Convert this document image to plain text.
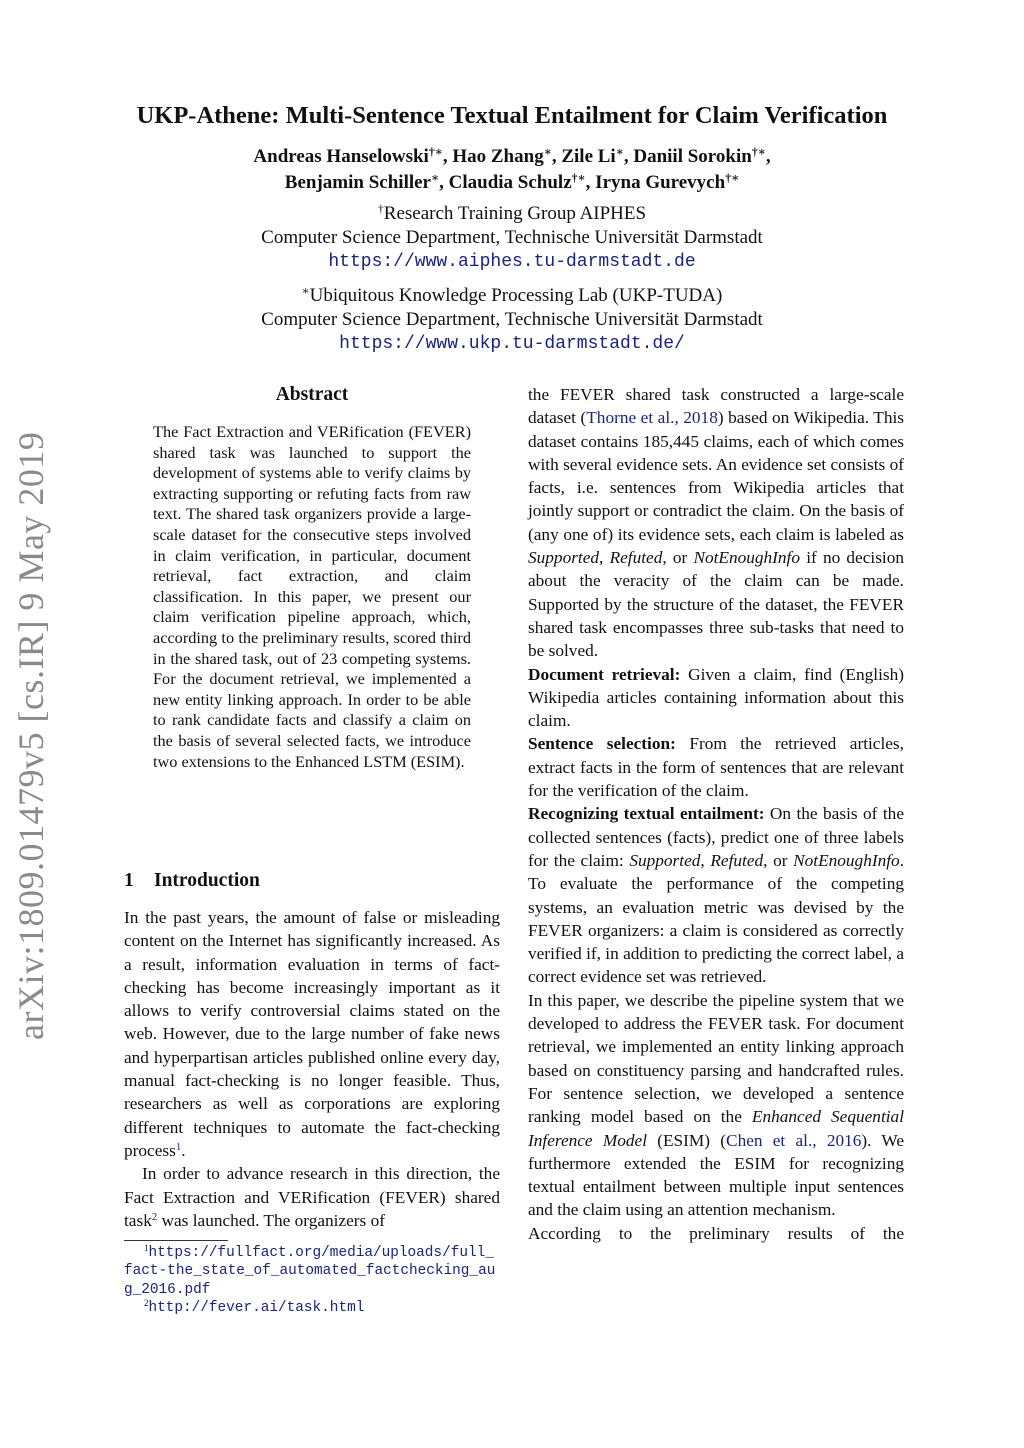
arXiv:1809.01479v5 [cs.IR] 9 May 2019
UKP-Athene: Multi-Sentence Textual Entailment for Claim Verification
Andreas Hanselowski†∗, Hao Zhang∗, Zile Li∗, Daniil Sorokin†∗,
Benjamin Schiller∗, Claudia Schulz†∗, Iryna Gurevych†∗
†Research Training Group AIPHES
Computer Science Department, Technische Universität Darmstadt
https://www.aiphes.tu-darmstadt.de
∗Ubiquitous Knowledge Processing Lab (UKP-TUDA)
Computer Science Department, Technische Universität Darmstadt
https://www.ukp.tu-darmstadt.de/
Abstract
The Fact Extraction and VERification (FEVER) shared task was launched to support the development of systems able to verify claims by extracting supporting or refuting facts from raw text. The shared task organizers provide a large-scale dataset for the consecutive steps involved in claim verification, in particular, document retrieval, fact extraction, and claim classification. In this paper, we present our claim verification pipeline approach, which, according to the preliminary results, scored third in the shared task, out of 23 competing systems. For the document retrieval, we implemented a new entity linking approach. In order to be able to rank candidate facts and classify a claim on the basis of several selected facts, we introduce two extensions to the Enhanced LSTM (ESIM).
1 Introduction

In the past years, the amount of false or misleading content on the Internet has significantly increased. As a result, information evaluation in terms of fact-checking has become increasingly important as it allows to verify controversial claims stated on the web. However, due to the large number of fake news and hyperpartisan articles published online every day, manual fact-checking is no longer feasible. Thus, researchers as well as corporations are exploring different techniques to automate the fact-checking process$^1$.

In order to advance research in this direction, the Fact Extraction and VERification (FEVER) shared task$^2$ was launched. The organizers of

$^1$https://fullfact.org/media/uploads/full_fact-the_state_of_automated_factchecking_aug_2016.pdf

$^2$http://fever.ai/task.html

the FEVER shared task constructed a large-scale dataset (Thorne et al., 2018) based on Wikipedia. This dataset contains 185,445 claims, each of which comes with several evidence sets. An evidence set consists of facts, i.e. sentences from Wikipedia articles that jointly support or contradict the claim. On the basis of (any one of) its evidence sets, each claim is labeled as Supported, Refuted, or NotEnoughInfo if no decision about the veracity of the claim can be made. Supported by the structure of the dataset, the FEVER shared task encompasses three sub-tasks that need to be solved.

Document retrieval: Given a claim, find (English) Wikipedia articles containing information about this claim.

Sentence selection: From the retrieved articles, extract facts in the form of sentences that are relevant for the verification of the claim.

Recognizing textual entailment: On the basis of the collected sentences (facts), predict one of three labels for the claim: Supported, Refuted, or NotEnoughInfo. To evaluate the performance of the competing systems, an evaluation metric was devised by the FEVER organizers: a claim is considered as correctly verified if, in addition to predicting the correct label, a correct evidence set was retrieved.

In this paper, we describe the pipeline system that we developed to address the FEVER task. For document retrieval, we implemented an entity linking approach based on constituency parsing and handcrafted rules. For sentence selection, we developed a sentence ranking model based on the Enhanced Sequential Inference Model (ESIM) (Chen et al., 2016). We furthermore extended the ESIM for recognizing textual entailment between multiple input sentences and the claim using an attention mechanism.

According to the preliminary results of the
